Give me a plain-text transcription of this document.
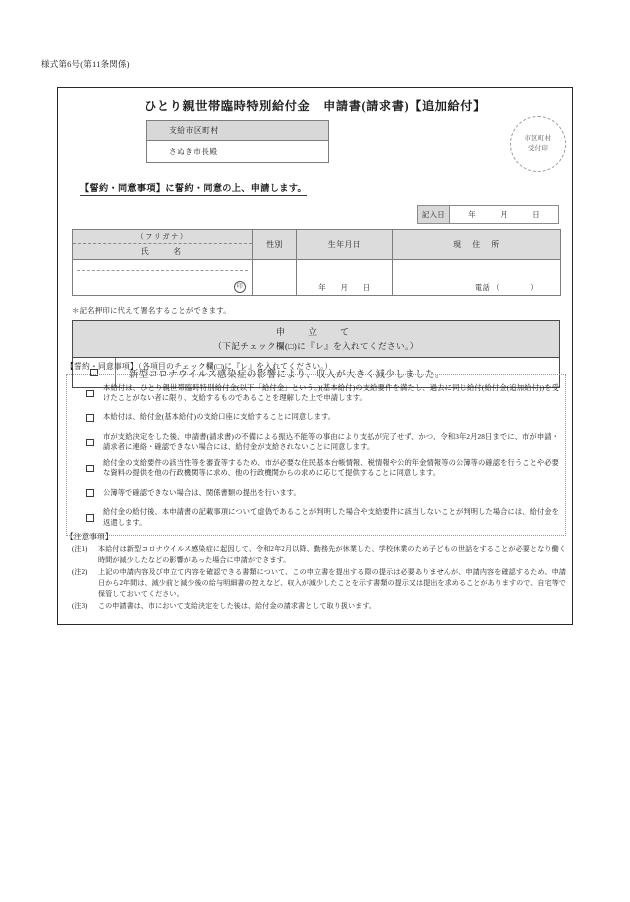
様式第6号(第11条関係)
ひとり親世帯臨時特別給付金　申請書(請求書)【追加給付】
支給市区町村
さぬき市長殿
市区町村
受付印
【誓約・同意事項】に誓約・同意の上、申請します。
記入日	年	月	日
（フリガナ）
氏　　名	性別	生年月日	現　 住　 所

印		年 月 日	電話 （ ）
＊記名押印に代えて署名することができます。
申　立　て
（下記チェック欄(□)に『レ』を入れてください。）
新型コロナウイルス感染症の影響により、収入が大きく減少しました。
【誓約・同意事項】（各項目のチェック欄(□)に『レ』を入れてください。）
本給付は、ひとり親世帯臨時特別給付金(以下「給付金」という。)(基本給付)の支給要件を満たし、過去に同じ給付(給付金(追加給付))を受けたことがない者に限り、支給するものであることを理解した上で申請します。
本給付は、給付金(基本給付)の支給口座に支給することに同意します。
市が支給決定をした後、申請書(請求書)の不備による振込不能等の事由により支払が完了せず、かつ、令和3年2月28日までに、市が申請・請求者に連絡・確認できない場合には、給付金が支給されないことに同意します。
給付金の支給要件の該当性等を審査等するため、市が必要な住民基本台帳情報、税情報や公的年金情報等の公簿等の確認を行うことや必要な資料の提供を他の行政機関等に求め、他の行政機関からの求めに応じて提供することに同意します。
公簿等で確認できない場合は、関係書類の提出を行います。
給付金の給付後、本申請書の記載事項について虚偽であることが判明した場合や支給要件に該当しないことが判明した場合には、給付金を返還します。
【注意事項】
(注1)	本給付は新型コロナウイルス感染症に起因して、令和2年2月以降、勤務先が休業した、学校休業のため子どもの世話をすることが必要となり働く時間が減少したなどの影響があった場合に申請ができます。
(注2)	上記の申請内容及び申立て内容を確認できる書類について、この申立書を提出する際の提示は必要ありませんが、申請内容を確認するため、申請日から2年間は、減少前と減少後の給与明細書の控えなど、収入が減少したことを示す書類の提示又は提出を求めることがありますので、自宅等で保管しておいてください。
(注3)	この申請書は、市において支給決定をした後は、給付金の請求書として取り扱います。
